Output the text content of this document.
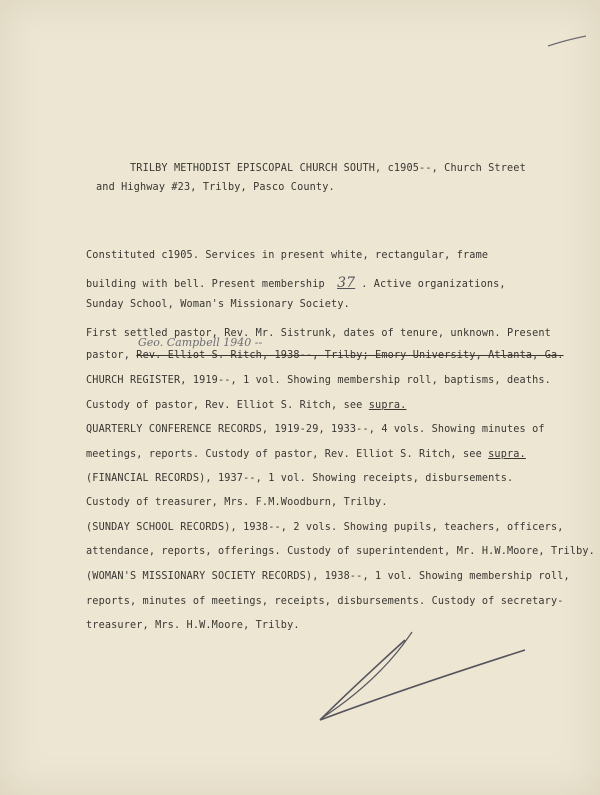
TRILBY METHODIST EPISCOPAL CHURCH SOUTH, c1905--, Church Street
and Highway #23, Trilby, Pasco County.
Constituted c1905. Services in present white, rectangular, frame
building with bell. Present membership 37 . Active organizations,
Sunday School, Woman's Missionary Society.
First settled pastor, Rev. Mr. Sistrunk, dates of tenure, unknown. Present
Geo. Campbell 1940 --
pastor, Rev. Elliot S. Ritch, 1938--, Trilby; Emory University, Atlanta, Ga.
CHURCH REGISTER, 1919--, 1 vol. Showing membership roll, baptisms, deaths.
Custody of pastor, Rev. Elliot S. Ritch, see supra.
QUARTERLY CONFERENCE RECORDS, 1919-29, 1933--, 4 vols. Showing minutes of
meetings, reports. Custody of pastor, Rev. Elliot S. Ritch, see supra.
(FINANCIAL RECORDS), 1937--, 1 vol. Showing receipts, disbursements.
Custody of treasurer, Mrs. F.M.Woodburn, Trilby.
(SUNDAY SCHOOL RECORDS), 1938--, 2 vols. Showing pupils, teachers, officers,
attendance, reports, offerings. Custody of superintendent, Mr. H.W.Moore, Trilby.
(WOMAN'S MISSIONARY SOCIETY RECORDS), 1938--, 1 vol. Showing membership roll,
reports, minutes of meetings, receipts, disbursements. Custody of secretary-
treasurer, Mrs. H.W.Moore, Trilby.
